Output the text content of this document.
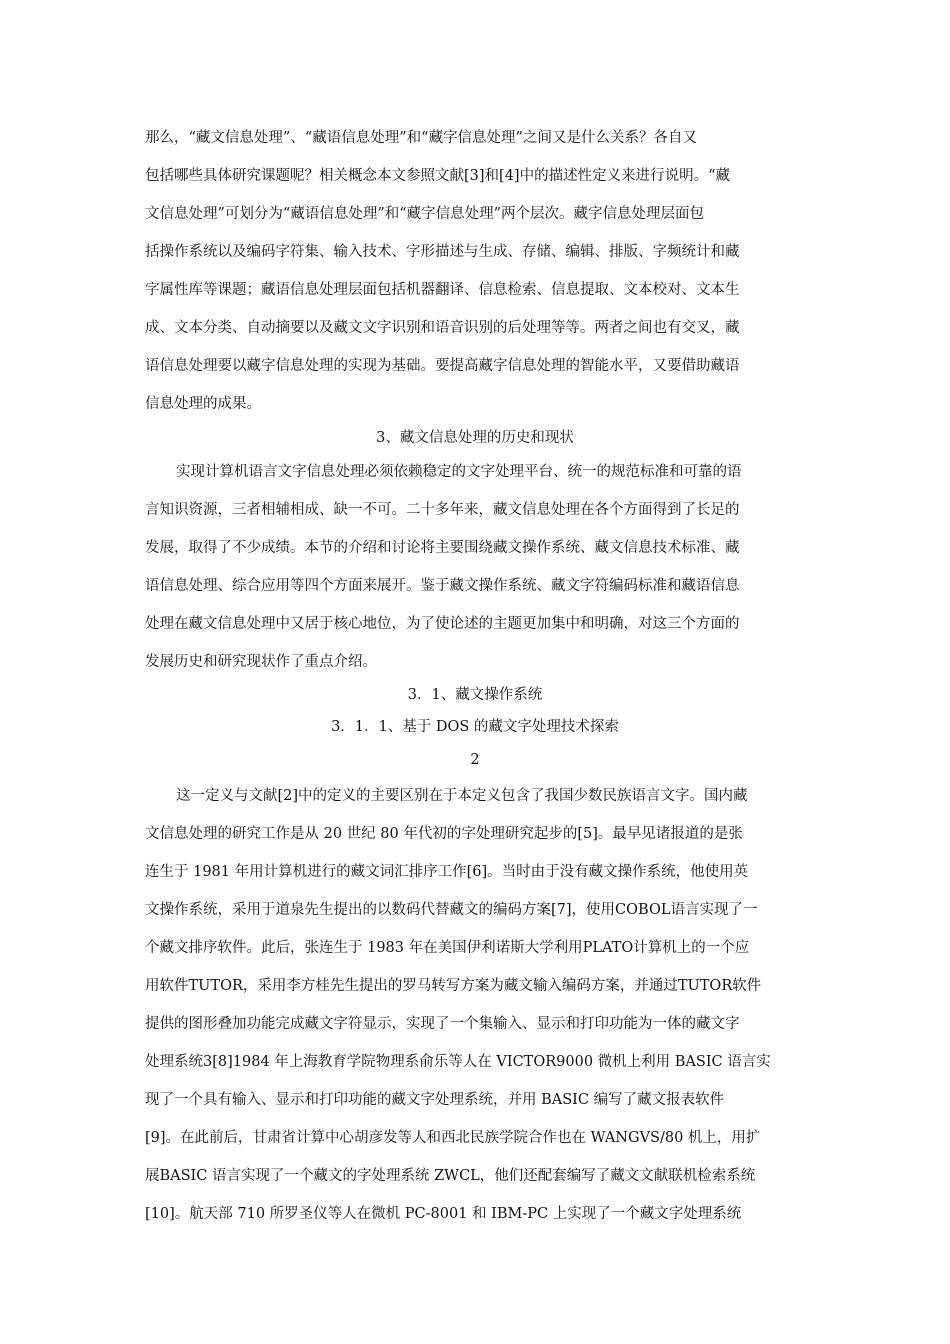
那么，“藏文信息处理”、“藏语信息处理”和“藏字信息处理”之间又是什么关系？各自又
包括哪些具体研究课题呢？相关概念本文参照文献[3]和[4]中的描述性定义来进行说明。“藏
文信息处理”可划分为“藏语信息处理”和“藏字信息处理”两个层次。藏字信息处理层面包
括操作系统以及编码字符集、输入技术、字形描述与生成、存储、编辑、排版、字频统计和藏
字属性库等课题；藏语信息处理层面包括机器翻译、信息检索、信息提取、文本校对、文本生
成、文本分类、自动摘要以及藏文文字识别和语音识别的后处理等等。两者之间也有交叉，藏
语信息处理要以藏字信息处理的实现为基础。要提高藏字信息处理的智能水平，又要借助藏语
信息处理的成果。
3、藏文信息处理的历史和现状
实现计算机语言文字信息处理必须依赖稳定的文字处理平台、统一的规范标准和可靠的语
言知识资源，三者相辅相成、缺一不可。二十多年来，藏文信息处理在各个方面得到了长足的
发展，取得了不少成绩。本节的介绍和讨论将主要围绕藏文操作系统、藏文信息技术标准、藏
语信息处理、综合应用等四个方面来展开。鉴于藏文操作系统、藏文字符编码标准和藏语信息
处理在藏文信息处理中又居于核心地位，为了使论述的主题更加集中和明确，对这三个方面的
发展历史和研究现状作了重点介绍。
3．1、藏文操作系统
3．1．1、基于 DOS 的藏文字处理技术探索
2
这一定义与文献[2]中的定义的主要区别在于本定义包含了我国少数民族语言文字。国内藏
文信息处理的研究工作是从 20 世纪 80 年代初的字处理研究起步的[5]。最早见诸报道的是张
连生于 1981 年用计算机进行的藏文词汇排序工作[6]。当时由于没有藏文操作系统，他使用英
文操作系统，采用于道泉先生提出的以数码代替藏文的编码方案[7]，使用COBOL语言实现了一
个藏文排序软件。此后，张连生于 1983 年在美国伊利诺斯大学利用PLATO计算机上的一个应
用软件TUTOR，采用李方桂先生提出的罗马转写方案为藏文输入编码方案，并通过TUTOR软件
提供的图形叠加功能完成藏文字符显示，实现了一个集输入、显示和打印功能为一体的藏文字
处理系统3[8]1984 年上海教育学院物理系俞乐等人在 VICTOR9000 微机上利用 BASIC 语言实
现了一个具有输入、显示和打印功能的藏文字处理系统，并用 BASIC 编写了藏文报表软件
[9]。在此前后，甘肃省计算中心胡彦发等人和西北民族学院合作也在 WANGVS/80 机上，用扩
展BASIC 语言实现了一个藏文的字处理系统 ZWCL，他们还配套编写了藏文文献联机检索系统
[10]。航天部 710 所罗圣仪等人在微机 PC-8001 和 IBM-PC 上实现了一个藏文字处理系统
